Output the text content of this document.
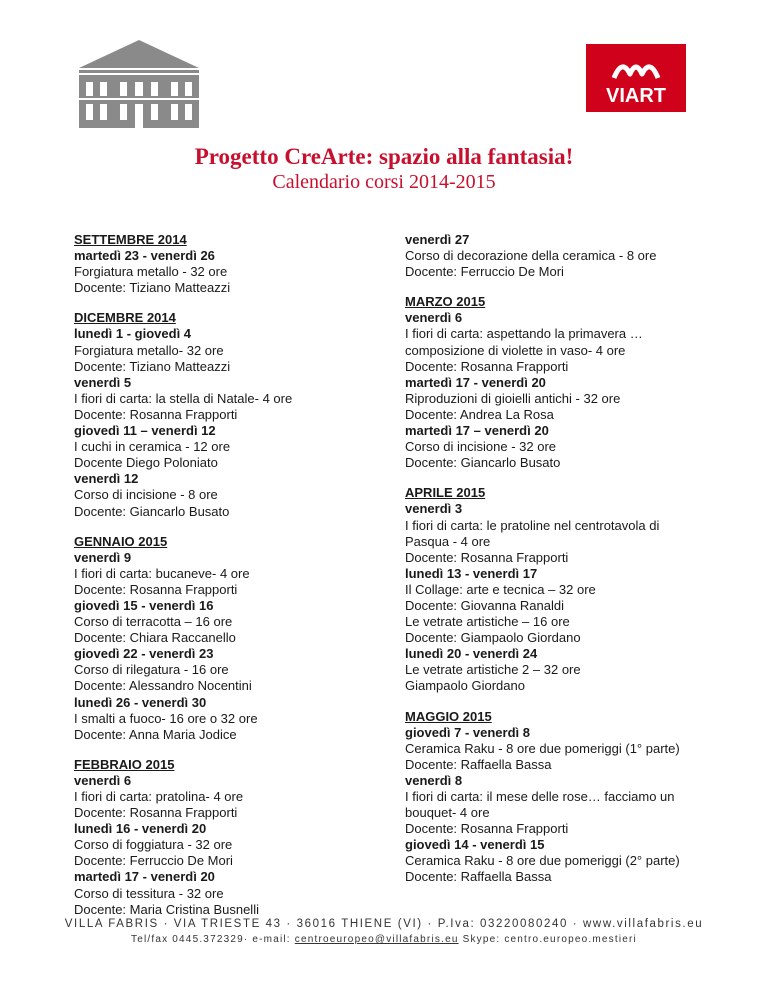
VIART
Progetto CreArte: spazio alla fantasia!
Calendario corsi 2014-2015
SETTEMBRE 2014
martedì 23 - venerdì 26
Forgiatura metallo - 32 ore
Docente: Tiziano Matteazzi
DICEMBRE 2014
lunedì 1 - giovedì 4
Forgiatura metallo- 32 ore
Docente: Tiziano Matteazzi
venerdì 5
I fiori di carta: la stella di Natale- 4 ore
Docente: Rosanna Frapporti
giovedì 11 – venerdì 12
I cuchi in ceramica - 12 ore
Docente Diego Poloniato
venerdì 12
Corso di incisione - 8 ore
Docente: Giancarlo Busato
GENNAIO 2015
venerdì 9
I fiori di carta: bucaneve- 4 ore
Docente: Rosanna Frapporti
giovedì 15 - venerdì 16
Corso di terracotta – 16 ore
Docente: Chiara Raccanello
giovedì 22 - venerdì 23
Corso di rilegatura - 16 ore
Docente: Alessandro Nocentini
lunedì 26 - venerdì 30
I smalti a fuoco- 16 ore o 32 ore
Docente: Anna Maria Jodice
FEBBRAIO 2015
venerdì 6
I fiori di carta: pratolina- 4 ore
Docente: Rosanna Frapporti
lunedì 16 - venerdì 20
Corso di foggiatura - 32 ore
Docente: Ferruccio De Mori
martedì 17 - venerdì 20
Corso di tessitura - 32 ore
Docente: Maria Cristina Busnelli
venerdì 27
Corso di decorazione della ceramica - 8 ore
Docente: Ferruccio De Mori
MARZO 2015
venerdì 6
I fiori di carta: aspettando la primavera …
composizione di violette in vaso- 4 ore
Docente: Rosanna Frapporti
martedì 17 - venerdì 20
Riproduzioni di gioielli antichi - 32 ore
Docente: Andrea La Rosa
martedì 17 – venerdì 20
Corso di incisione - 32 ore
Docente: Giancarlo Busato
APRILE 2015
venerdì 3
I fiori di carta: le pratoline nel centrotavola di
Pasqua - 4 ore
Docente: Rosanna Frapporti
lunedì 13 - venerdì 17
Il Collage: arte e tecnica – 32 ore
Docente: Giovanna Ranaldi
Le vetrate artistiche – 16 ore
Docente: Giampaolo Giordano
lunedì 20 - venerdì 24
Le vetrate artistiche 2 – 32 ore
Giampaolo Giordano
MAGGIO 2015
giovedì 7 - venerdì 8
Ceramica Raku - 8 ore due pomeriggi (1° parte)
Docente: Raffaella Bassa
venerdì 8
I fiori di carta: il mese delle rose… facciamo un
bouquet- 4 ore
Docente: Rosanna Frapporti
giovedì 14 - venerdì 15
Ceramica Raku - 8 ore due pomeriggi (2° parte)
Docente: Raffaella Bassa
VILLA FABRIS · VIA TRIESTE 43 · 36016 THIENE (VI) · P.Iva: 03220080240 · www.villafabris.eu
Tel/fax 0445.372329· e-mail: centroeuropeo@villafabris.eu Skype: centro.europeo.mestieri
